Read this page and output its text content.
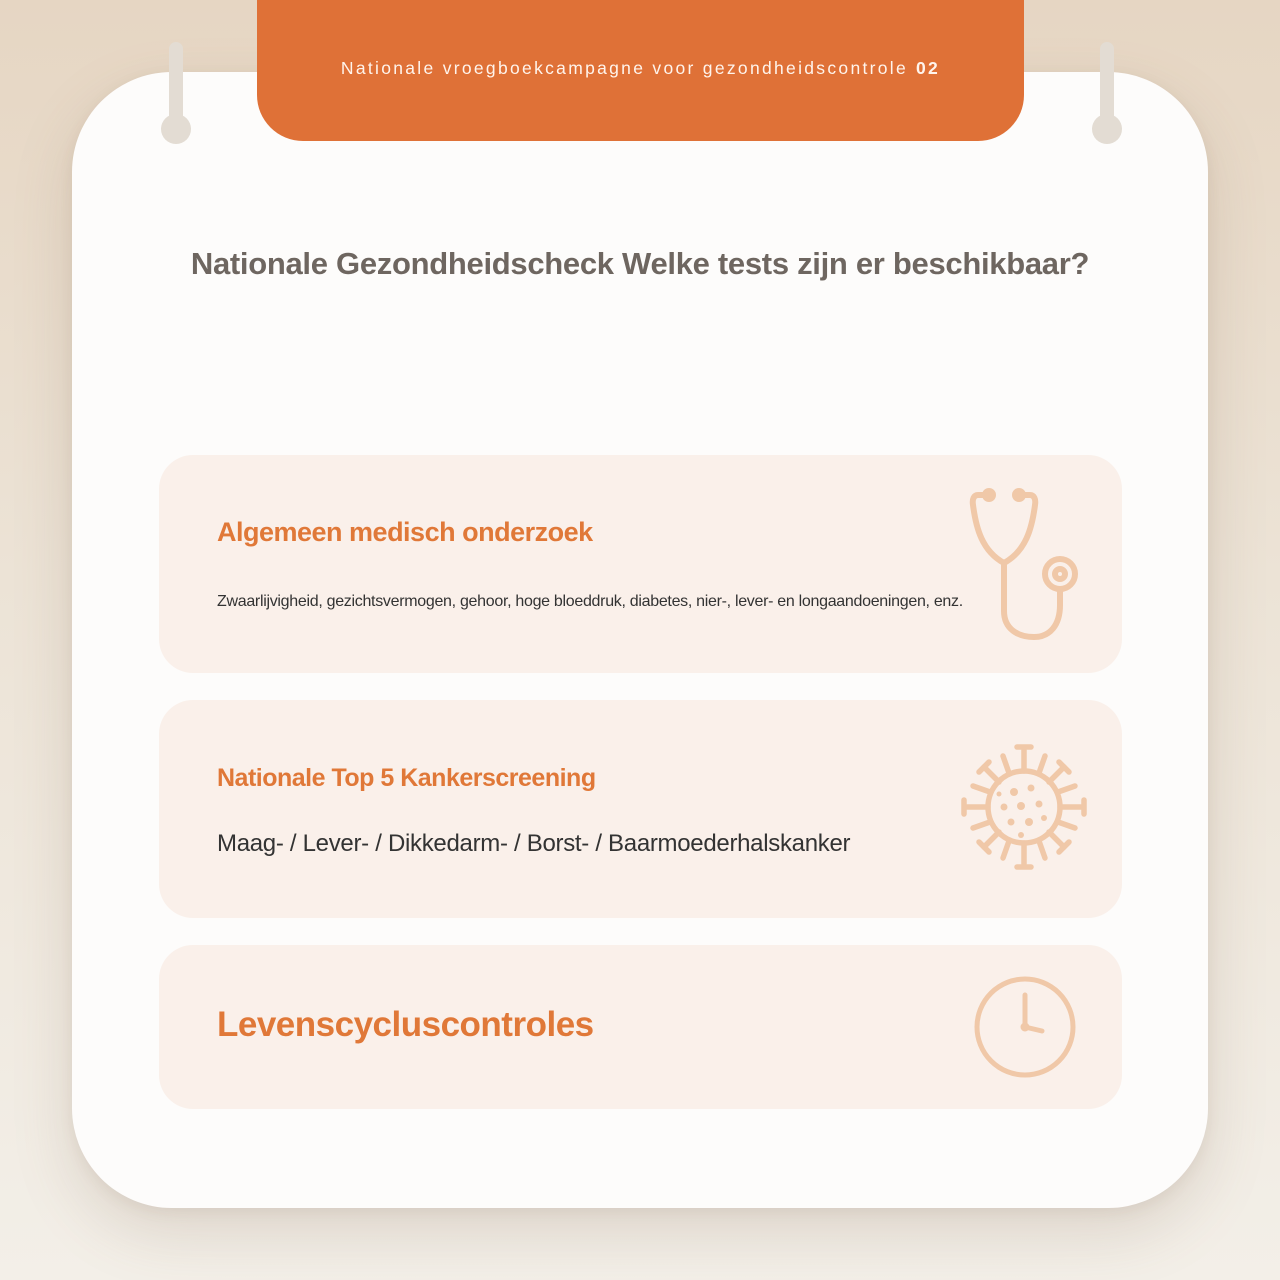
Nationale vroegboekcampagne voor gezondheidscontrole 02
Nationale Gezondheidscheck Welke tests zijn er beschikbaar?
Algemeen medisch onderzoek
Zwaarlijvigheid, gezichtsvermogen, gehoor, hoge bloeddruk, diabetes, nier-, lever- en longaandoeningen, enz.
Nationale Top 5 Kankerscreening
Maag- / Lever- / Dikkedarm- / Borst- / Baarmoederhalskanker
Levenscycluscontroles
